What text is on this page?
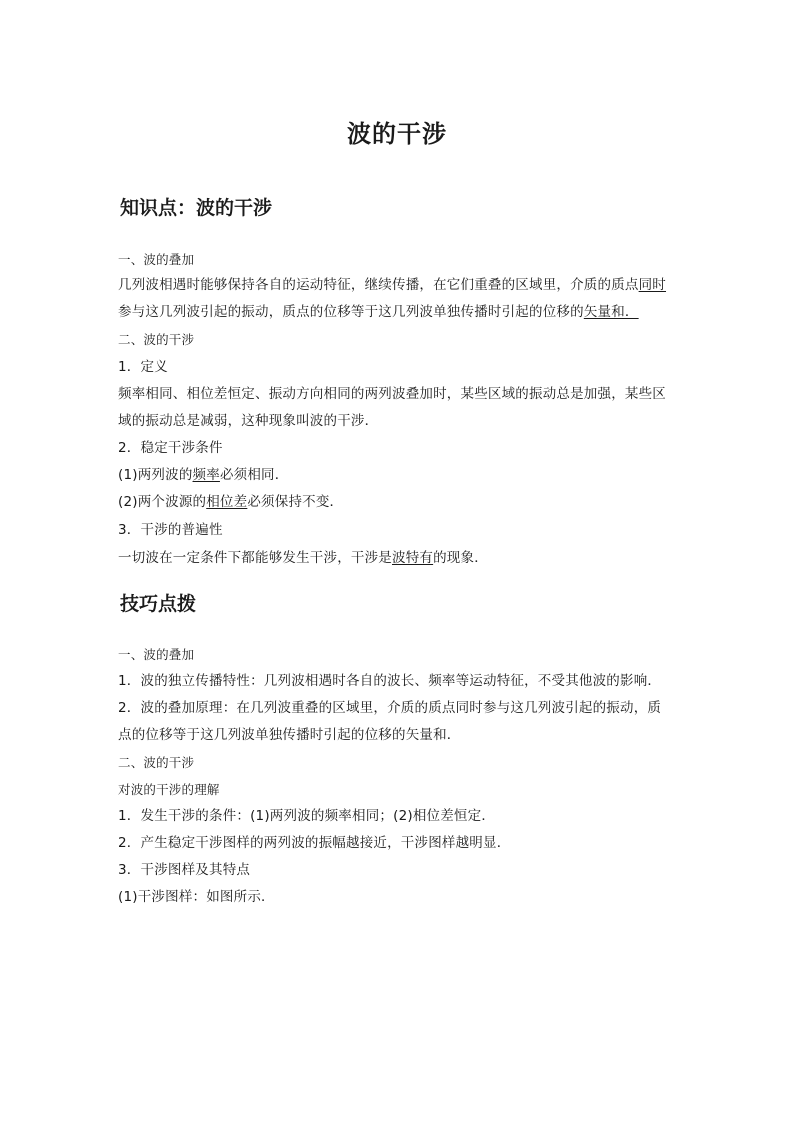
波的干涉
知识点：波的干涉
一、波的叠加
几列波相遇时能够保持各自的运动特征，继续传播，在它们重叠的区域里，介质的质点同时
参与这几列波引起的振动，质点的位移等于这几列波单独传播时引起的位移的矢量和．
二、波的干涉
1．定义
频率相同、相位差恒定、振动方向相同的两列波叠加时，某些区域的振动总是加强，某些区
域的振动总是减弱，这种现象叫波的干涉．
2．稳定干涉条件
(1)两列波的频率必须相同．
(2)两个波源的相位差必须保持不变．
3．干涉的普遍性
一切波在一定条件下都能够发生干涉，干涉是波特有的现象．
技巧点拨
一、波的叠加
1．波的独立传播特性：几列波相遇时各自的波长、频率等运动特征，不受其他波的影响．
2．波的叠加原理：在几列波重叠的区域里，介质的质点同时参与这几列波引起的振动，质
点的位移等于这几列波单独传播时引起的位移的矢量和．
二、波的干涉
对波的干涉的理解
1．发生干涉的条件：(1)两列波的频率相同；(2)相位差恒定．
2．产生稳定干涉图样的两列波的振幅越接近，干涉图样越明显．
3．干涉图样及其特点
(1)干涉图样：如图所示．
